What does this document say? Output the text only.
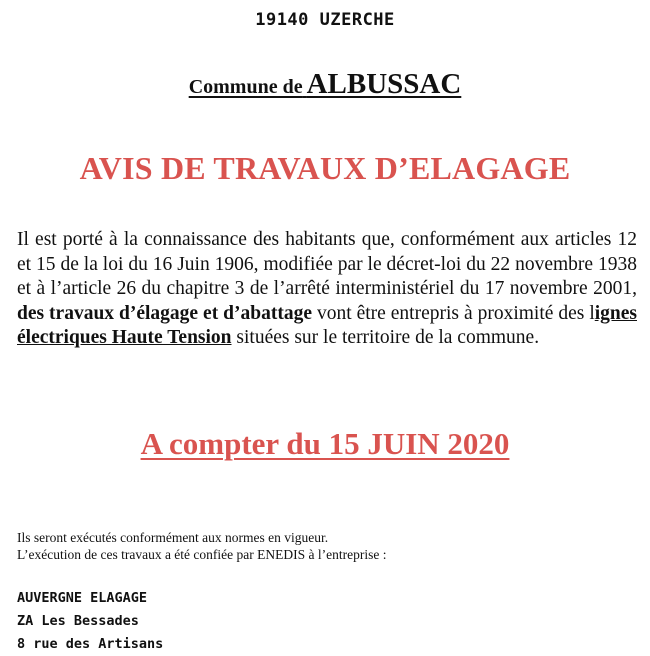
19140 UZERCHE
Commune de ALBUSSAC
AVIS DE TRAVAUX D’ELAGAGE
Il est porté à la connaissance des habitants que, conformément aux articles 12 et 15 de la loi du 16 Juin 1906, modifiée par le décret-loi du 22 novembre 1938 et à l’article 26 du chapitre 3 de l’arrêté interministériel du 17 novembre 2001, des travaux d’élagage et d’abattage vont être entrepris à proximité des lignes électriques Haute Tension situées sur le territoire de la commune.
A compter du 15 JUIN 2020
Ils seront exécutés conformément aux normes en vigueur.
L’exécution de ces travaux a été confiée par ENEDIS à l’entreprise :
AUVERGNE ELAGAGE
ZA Les Bessades
8 rue des Artisans
